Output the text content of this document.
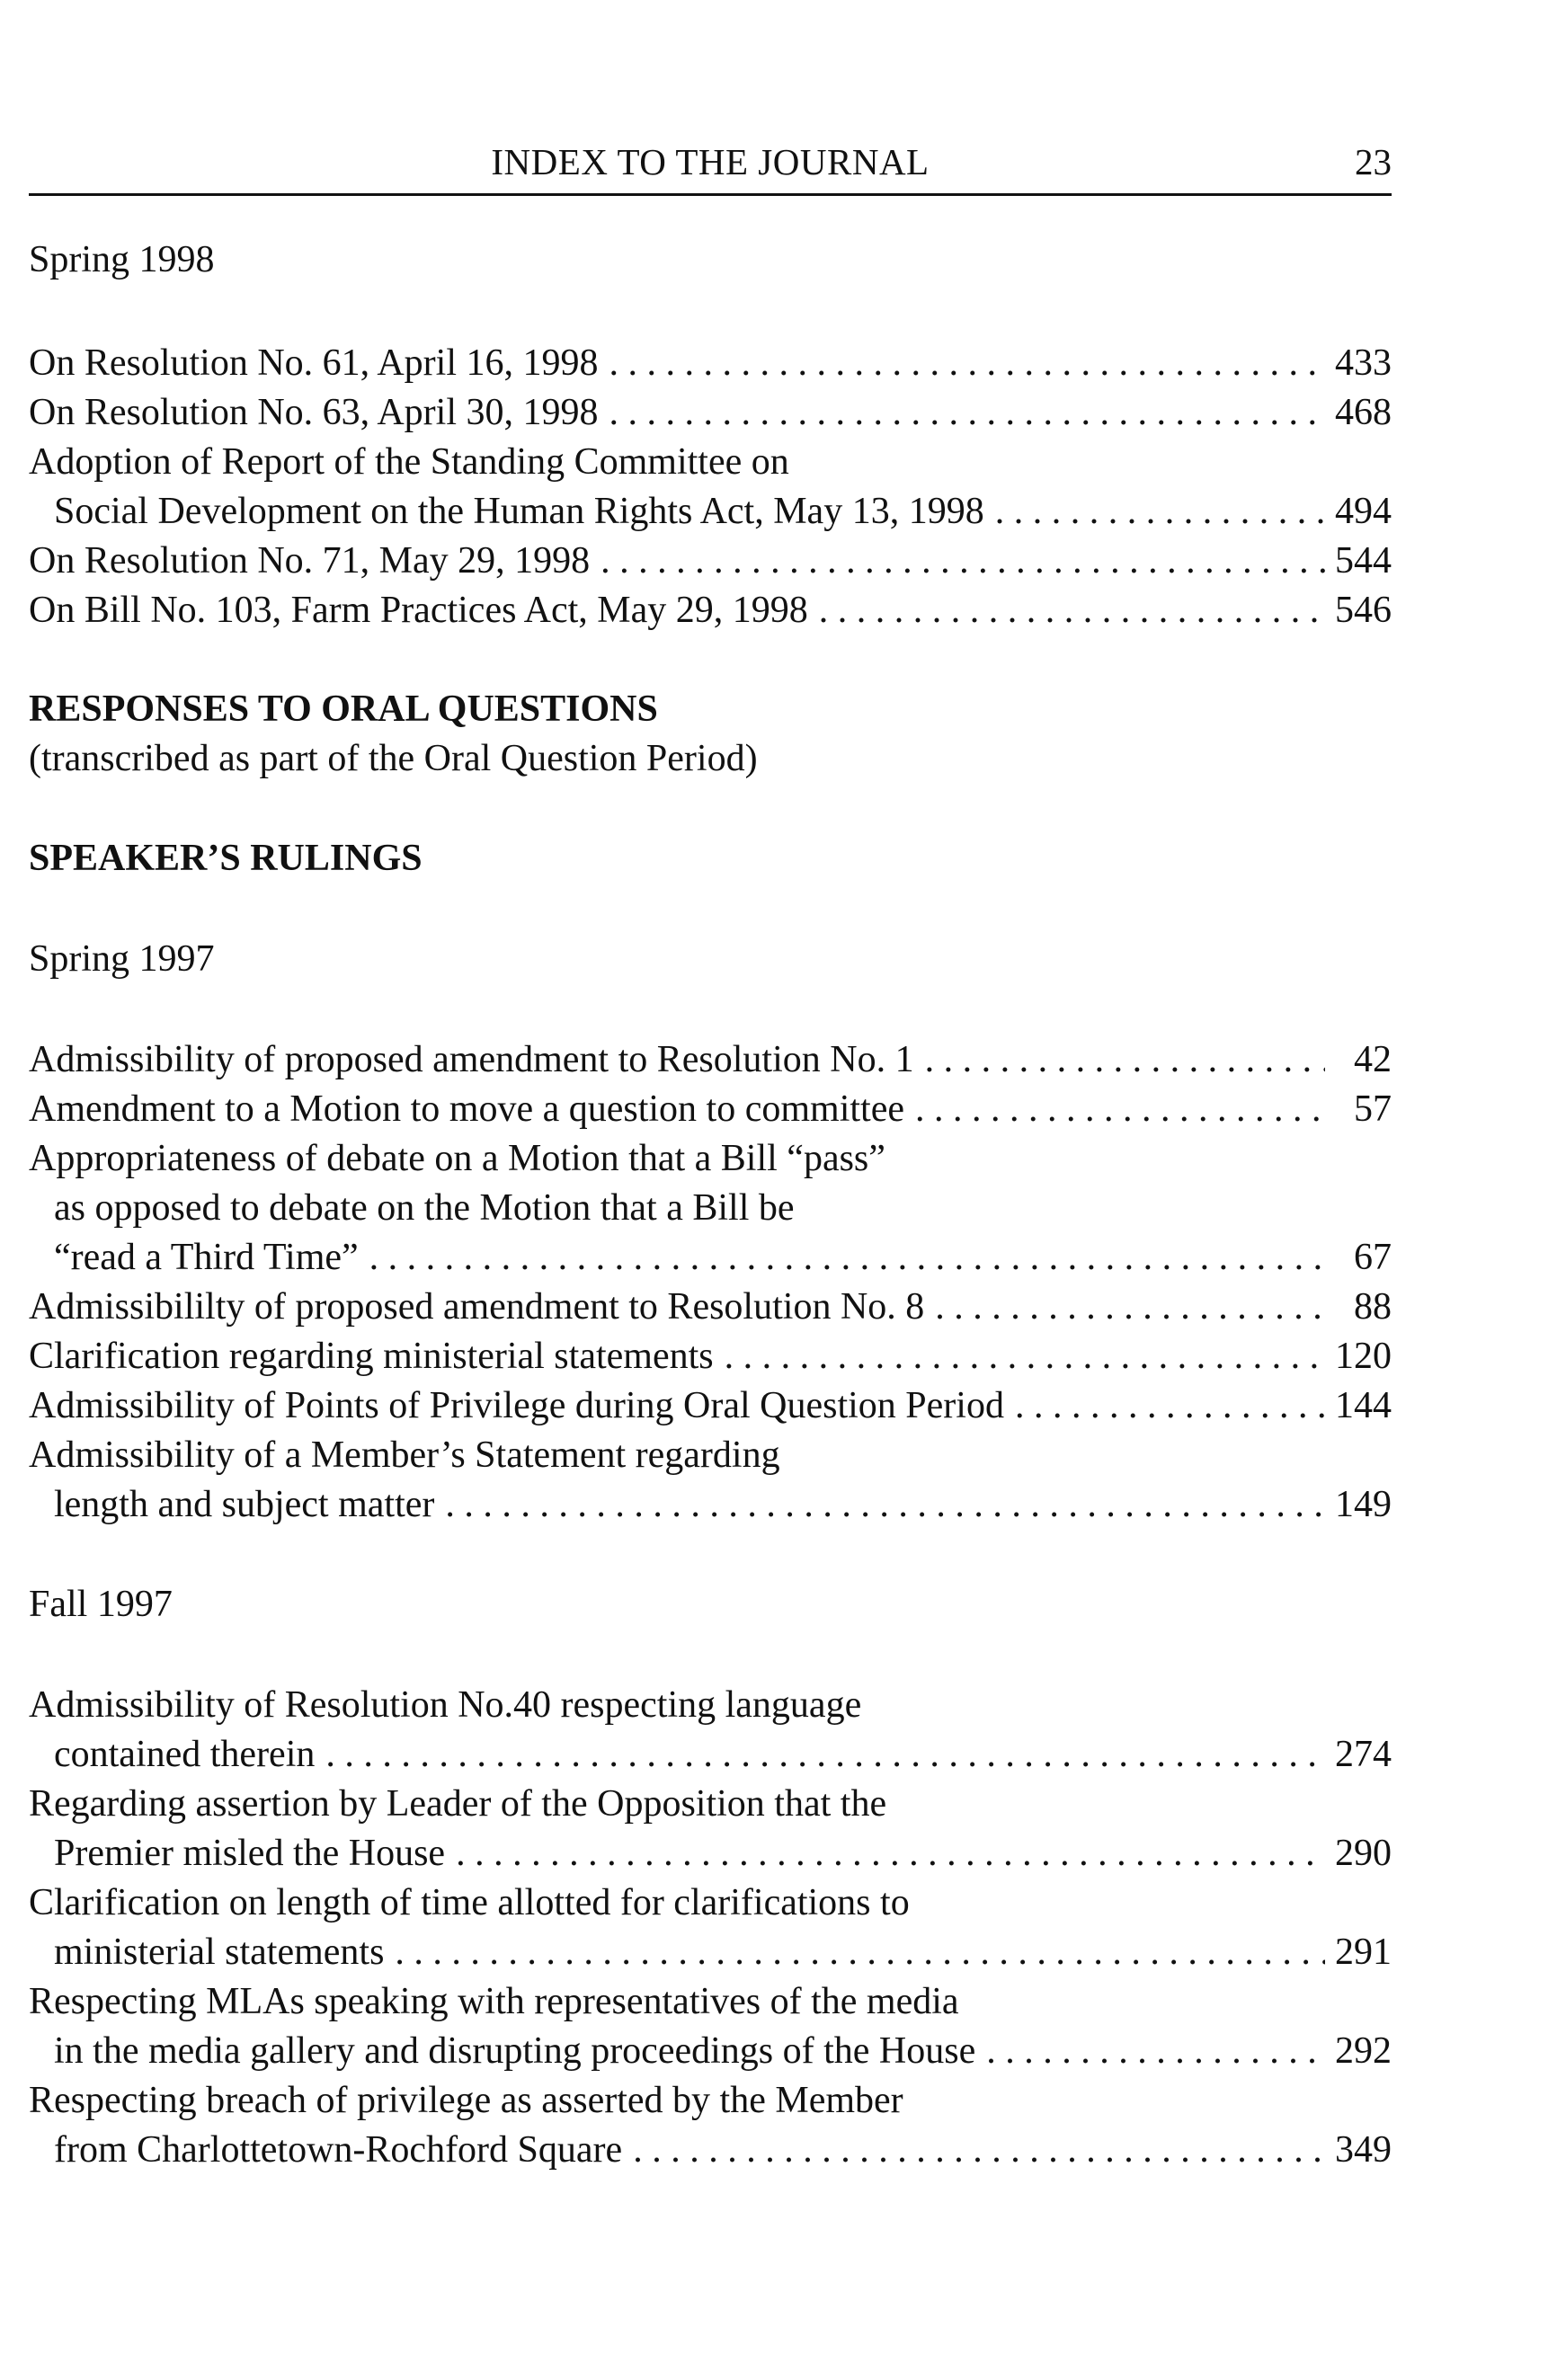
INDEX TO THE JOURNAL	23
Spring 1998
On Resolution No. 61, April 16, 1998 . . .	433
On Resolution No. 63, April 30, 1998 . . .	468
Adoption of Report of the Standing Committee on
Social Development on the Human Rights Act, May 13, 1998 . . .	494
On Resolution No. 71, May 29, 1998 . . .	544
On Bill No. 103, Farm Practices Act, May 29, 1998 . . .	546
RESPONSES TO ORAL QUESTIONS
(transcribed as part of the Oral Question Period)
SPEAKER’S RULINGS
Spring 1997
Admissibility of proposed amendment to Resolution No. 1 . . .	42
Amendment to a Motion to move a question to committee . . .	57
Appropriateness of debate on a Motion that a Bill “pass”
as opposed to debate on the Motion that a Bill be
“read a Third Time” . . .	67
Admissibililty of proposed amendment to Resolution No. 8 . . .	88
Clarification regarding ministerial statements . . .	120
Admissibility of Points of Privilege during Oral Question Period . . .	144
Admissibility of a Member’s Statement regarding
length and subject matter . . .	149
Fall 1997
Admissibility of Resolution No.40 respecting language
contained therein . . .	274
Regarding assertion by Leader of the Opposition that the
Premier misled the House . . .	290
Clarification on length of time allotted for clarifications to
ministerial statements . . .	291
Respecting MLAs speaking with representatives of the media
in the media gallery and disrupting proceedings of the House . . .	292
Respecting breach of privilege as asserted by the Member
from Charlottetown-Rochford Square . . .	349
